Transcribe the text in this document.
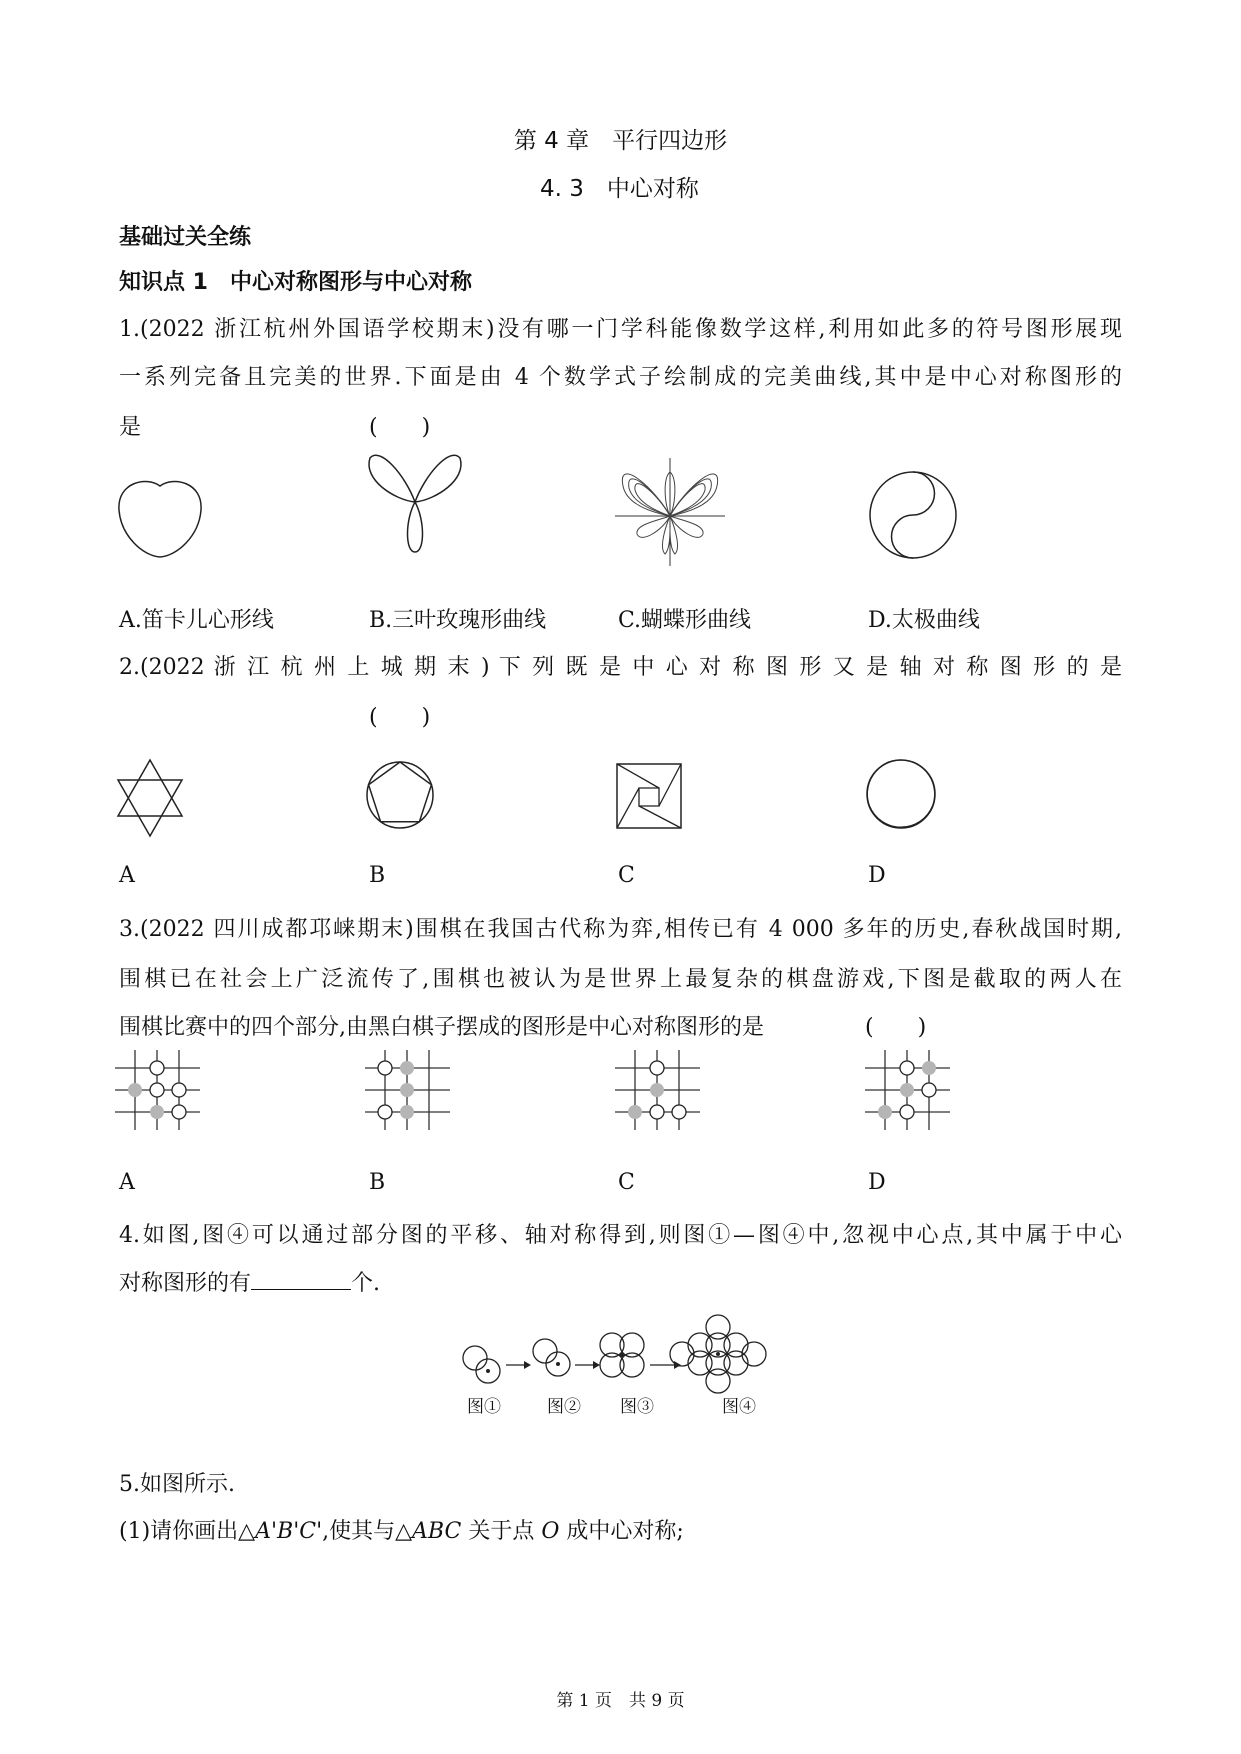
第 4 章　平行四边形
4. 3　中心对称
基础过关全练
知识点 1　中心对称图形与中心对称
1.(2022 浙江杭州外国语学校期末)没有哪一门学科能像数学这样,利用如此多的符号图形展现
一系列完备且完美的世界.下面是由 4 个数学式子绘制成的完美曲线,其中是中心对称图形的
是	(　　)
A.笛卡儿心形线	B.三叶玫瑰形曲线	C.蝴蝶形曲线	D.太极曲线
2.(2022 浙 江 杭 州 上 城 期 末 ) 下 列 既 是 中 心 对 称 图 形 又 是 轴 对 称 图 形 的 是
(　　)
A	B	C	D
3.(2022 四川成都邛崃期末)围棋在我国古代称为弈,相传已有 4 000 多年的历史,春秋战国时期,
围棋已在社会上广泛流传了,围棋也被认为是世界上最复杂的棋盘游戏,下图是截取的两人在
围棋比赛中的四个部分,由黑白棋子摆成的图形是中心对称图形的是	(　　)
A	B	C	D
4.如图,图④可以通过部分图的平移、轴对称得到,则图①—图④中,忽视中心点,其中属于中心
对称图形的有	个.
图①	图② 图③	图④
5.如图所示.
(1)请你画出△A'B'C',使其与△ABC 关于点 O 成中心对称;
第 1 页　共 9 页
